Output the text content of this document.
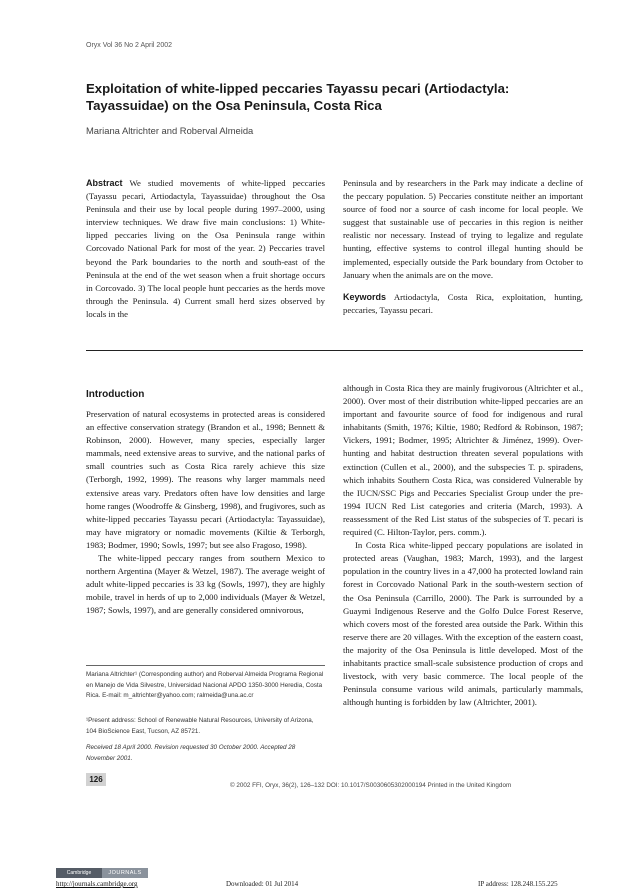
Oryx Vol 36 No 2 April 2002
Exploitation of white-lipped peccaries Tayassu pecari (Artiodactyla: Tayassuidae) on the Osa Peninsula, Costa Rica
Mariana Altrichter and Roberval Almeida
Abstract We studied movements of white-lipped peccaries (Tayassu pecari, Artiodactyla, Tayassuidae) throughout the Osa Peninsula and their use by local people during 1997–2000, using interview techniques. We draw five main conclusions: 1) White-lipped peccaries living on the Osa Peninsula range within Corcovado National Park for most of the year. 2) Peccaries travel beyond the Park boundaries to the north and south-east of the Peninsula at the end of the wet season when a fruit shortage occurs in Corcovado. 3) The local people hunt peccaries as the herds move through the Peninsula. 4) Current small herd sizes observed by locals in the
Peninsula and by researchers in the Park may indicate a decline of the peccary population. 5) Peccaries constitute neither an important source of food nor a source of cash income for local people. We suggest that sustainable use of peccaries in this region is neither realistic nor necessary. Instead of trying to legalize and regulate hunting, effective systems to control illegal hunting should be implemented, especially outside the Park boundary from October to January when the animals are on the move.
Keywords Artiodactyla, Costa Rica, exploitation, hunting, peccaries, Tayassu pecari.
Introduction
Preservation of natural ecosystems in protected areas is considered an effective conservation strategy (Brandon et al., 1998; Bennett & Robinson, 2000). However, many species, especially larger mammals, need extensive areas to survive, and the national parks of small countries such as Costa Rica rarely achieve this size (Terborgh, 1992, 1999). The reasons why larger mammals need extensive areas vary. Predators often have low densities and large home ranges (Woodroffe & Ginsberg, 1998), and frugivores, such as white-lipped peccaries Tayassu pecari (Artiodactyla: Tayassuidae), may have migratory or nomadic movements (Kiltie & Terborgh, 1983; Bodmer, 1990; Sowls, 1997; but see also Fragoso, 1998).
The white-lipped peccary ranges from southern Mexico to northern Argentina (Mayer & Wetzel, 1987). The average weight of adult white-lipped peccaries is 33 kg (Sowls, 1997), they are highly mobile, travel in herds of up to 2,000 individuals (Mayer & Wetzel, 1987; Sowls, 1997), and are generally considered omnivorous,
although in Costa Rica they are mainly frugivorous (Altrichter et al., 2000). Over most of their distribution white-lipped peccaries are an important and favourite source of food for indigenous and rural inhabitants (Smith, 1976; Kiltie, 1980; Redford & Robinson, 1987; Vickers, 1991; Bodmer, 1995; Altrichter & Jiménez, 1999). Over-hunting and habitat destruction threaten several populations with extinction (Cullen et al., 2000), and the subspecies T. p. spiradens, which inhabits Southern Costa Rica, was considered Vulnerable by the IUCN/SSC Pigs and Peccaries Specialist Group under the pre-1994 IUCN Red List categories and criteria (March, 1993). A reassessment of the Red List status of the subspecies of T. pecari is required (C. Hilton-Taylor, pers. comm.).
In Costa Rica white-lipped peccary populations are isolated in protected areas (Vaughan, 1983; March, 1993), and the largest population in the country lives in a 47,000 ha protected lowland rain forest in Corcovado National Park in the south-western section of the Osa Peninsula (Carrillo, 2000). The Park is surrounded by a Guaymi Indigenous Reserve and the Golfo Dulce Forest Reserve, which covers most of the forested area outside the Park. Within this reserve there are 20 villages. With the exception of the eastern coast, the majority of the Osa Peninsula is little developed. Most of the inhabitants practice small-scale subsistence production of crops and livestock, with very basic commerce. The local people of the Peninsula consume various wild animals, particularly mammals, although hunting is forbidden by law (Altrichter, 2001).
Mariana Altrichter¹ (Corresponding author) and Roberval Almeida Programa Regional en Manejo de Vida Silvestre, Universidad Nacional APDO 1350-3000 Heredia, Costa Rica. E-mail: m_altrichter@yahoo.com; ralmeida@una.ac.cr
¹Present address: School of Renewable Natural Resources, University of Arizona, 104 BioScience East, Tucson, AZ 85721.
Received 18 April 2000. Revision requested 30 October 2000. Accepted 28 November 2001.
126
© 2002 FFI, Oryx, 36(2), 126–132 DOI: 10.1017/S0030605302000194 Printed in the United Kingdom
Cambridge	JOURNALS
http://journals.cambridge.org	Downloaded: 01 Jul 2014	IP address: 128.248.155.225
